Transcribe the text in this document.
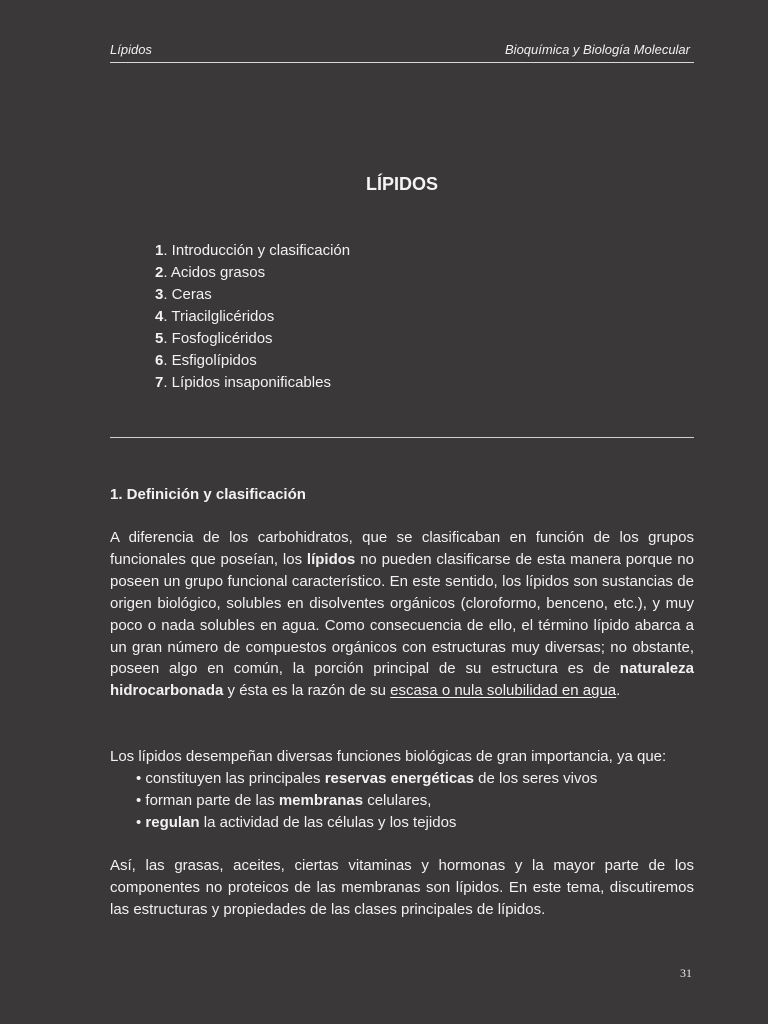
Lípidos	Bioquímica y Biología Molecular
LÍPIDOS
1. Introducción y clasificación
2. Acidos grasos
3. Ceras
4. Triacilglicéridos
5. Fosfoglicéridos
6. Esfigolípidos
7. Lípidos insaponificables
1. Definición y clasificación

A diferencia de los carbohidratos, que se clasificaban en función de los grupos funcionales que poseían, los lípidos no pueden clasificarse de esta manera porque no poseen un grupo funcional característico. En este sentido, los lípidos son sustancias de origen biológico, solubles en disolventes orgánicos (cloroformo, benceno, etc.), y muy poco o nada solubles en agua. Como consecuencia de ello, el término lípido abarca a un gran número de compuestos orgánicos con estructuras muy diversas; no obstante, poseen algo en común, la porción principal de su estructura es de naturaleza hidrocarbonada y ésta es la razón de su escasa o nula solubilidad en agua.

Los lípidos desempeñan diversas funciones biológicas de gran importancia, ya que:

• constituyen las principales reservas energéticas de los seres vivos
• forman parte de las membranas celulares,
• regulan la actividad de las células y los tejidos

Así, las grasas, aceites, ciertas vitaminas y hormonas y la mayor parte de los componentes no proteicos de las membranas son lípidos. En este tema, discutiremos las estructuras y propiedades de las clases principales de lípidos.

31
